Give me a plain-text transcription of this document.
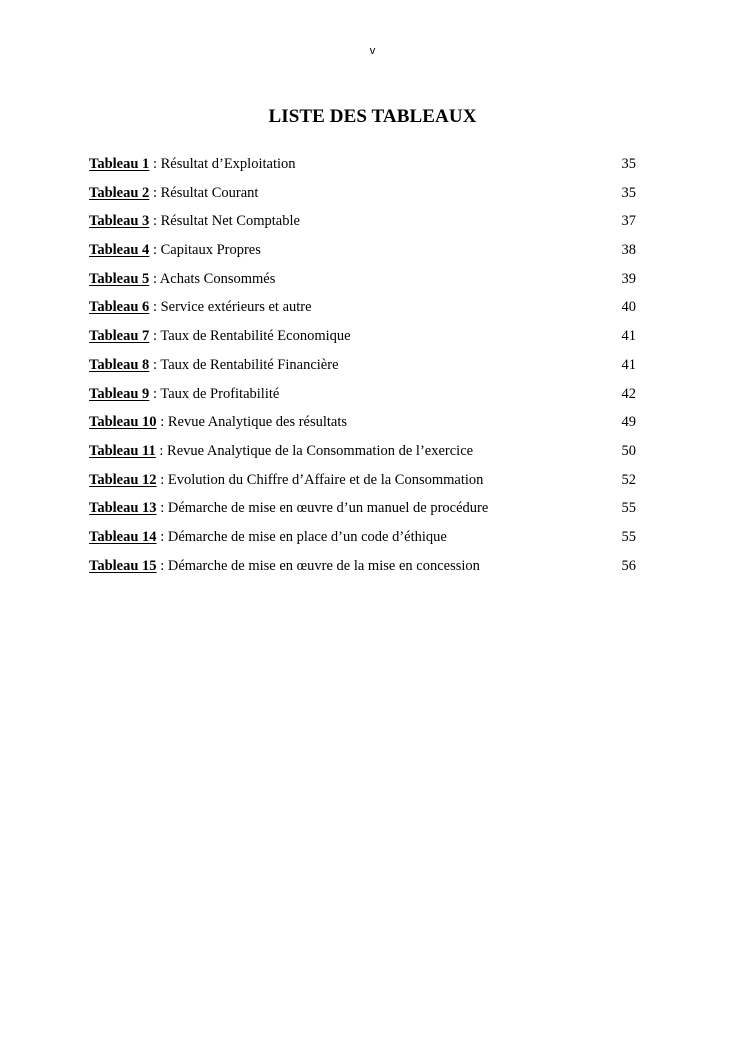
v
LISTE DES TABLEAUX
Tableau 1 : Résultat d’Exploitation	35
Tableau 2 : Résultat Courant	35
Tableau 3 : Résultat Net Comptable	37
Tableau 4 : Capitaux Propres	38
Tableau 5 : Achats Consommés	39
Tableau 6 : Service extérieurs et autre	40
Tableau 7 : Taux de Rentabilité Economique	41
Tableau 8 : Taux de Rentabilité Financière	41
Tableau 9 : Taux de Profitabilité	42
Tableau 10 : Revue Analytique des résultats	49
Tableau 11 : Revue Analytique de la Consommation de l’exercice	50
Tableau 12 : Evolution du Chiffre d’Affaire et de la Consommation	52
Tableau 13 : Démarche de mise en œuvre d’un manuel de procédure	55
Tableau 14 : Démarche de mise en place d’un code d’éthique	55
Tableau 15 : Démarche de mise en œuvre de la mise en concession	56
